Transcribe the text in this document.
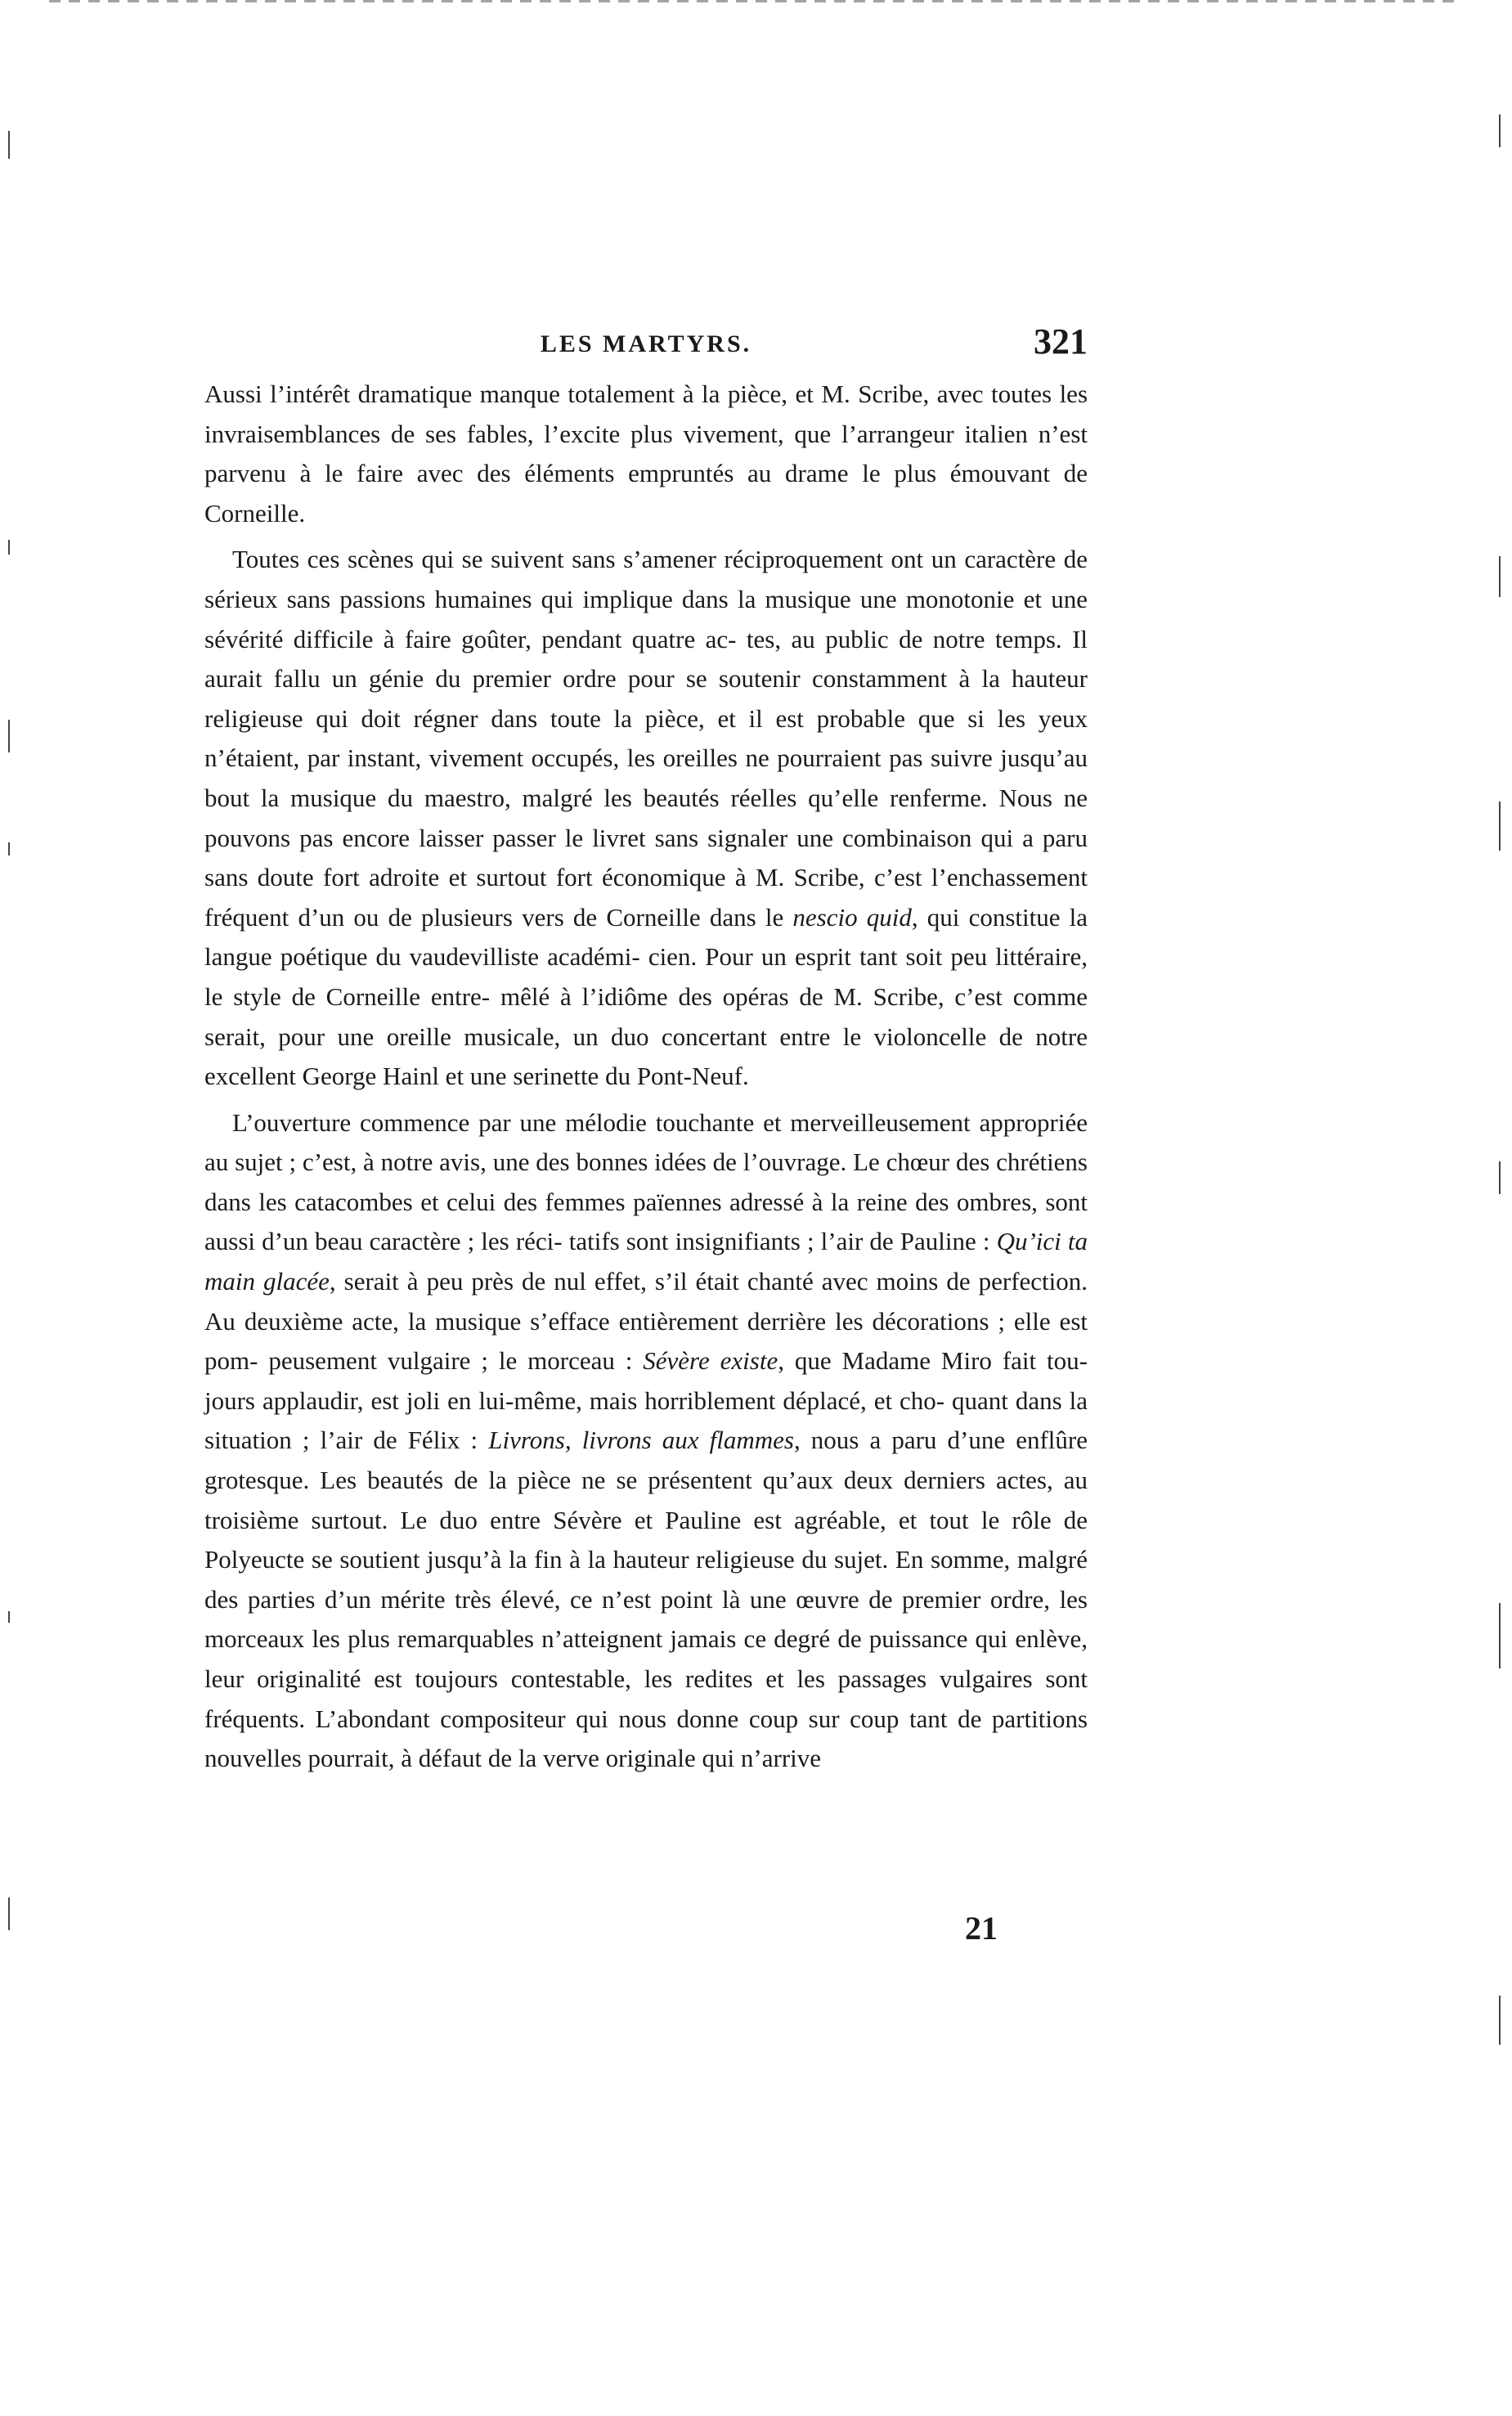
LES MARTYRS.	321

Aussi l’intérêt dramatique manque totalement à la pièce, et M. Scribe, avec toutes les invraisemblances de ses fables, l’excite plus vivement, que l’arrangeur italien n’est parvenu à le faire avec des éléments empruntés au drame le plus émouvant de Corneille.

Toutes ces scènes qui se suivent sans s’amener réciproquement ont un caractère de sérieux sans passions humaines qui implique dans la musique une monotonie et une sévérité difficile à faire goûter, pendant quatre ac- tes, au public de notre temps. Il aurait fallu un génie du premier ordre pour se soutenir constamment à la hauteur religieuse qui doit régner dans toute la pièce, et il est probable que si les yeux n’étaient, par instant, vivement occupés, les oreilles ne pourraient pas suivre jusqu’au bout la musique du maestro, malgré les beautés réelles qu’elle renferme. Nous ne pouvons pas encore laisser passer le livret sans signaler une combinaison qui a paru sans doute fort adroite et surtout fort économique à M. Scribe, c’est l’enchassement fréquent d’un ou de plusieurs vers de Corneille dans le nescio quid, qui constitue la langue poétique du vaudevilliste académi- cien. Pour un esprit tant soit peu littéraire, le style de Corneille entre- mêlé à l’idiôme des opéras de M. Scribe, c’est comme serait, pour une oreille musicale, un duo concertant entre le violoncelle de notre excellent George Hainl et une serinette du Pont-Neuf.

L’ouverture commence par une mélodie touchante et merveilleusement appropriée au sujet ; c’est, à notre avis, une des bonnes idées de l’ouvrage. Le chœur des chrétiens dans les catacombes et celui des femmes païennes adressé à la reine des ombres, sont aussi d’un beau caractère ; les réci- tatifs sont insignifiants ; l’air de Pauline : Qu’ici ta main glacée, serait à peu près de nul effet, s’il était chanté avec moins de perfection. Au deuxième acte, la musique s’efface entièrement derrière les décorations ; elle est pom- peusement vulgaire ; le morceau : Sévère existe, que Madame Miro fait tou- jours applaudir, est joli en lui-même, mais horriblement déplacé, et cho- quant dans la situation ; l’air de Félix : Livrons, livrons aux flammes, nous a paru d’une enflûre grotesque. Les beautés de la pièce ne se présentent qu’aux deux derniers actes, au troisième surtout. Le duo entre Sévère et Pauline est agréable, et tout le rôle de Polyeucte se soutient jusqu’à la fin à la hauteur religieuse du sujet. En somme, malgré des parties d’un mérite très élevé, ce n’est point là une œuvre de premier ordre, les morceaux les plus remarquables n’atteignent jamais ce degré de puissance qui enlève, leur originalité est toujours contestable, les redites et les passages vulgaires sont fréquents. L’abondant compositeur qui nous donne coup sur coup tant de partitions nouvelles pourrait, à défaut de la verve originale qui n’arrive

21
